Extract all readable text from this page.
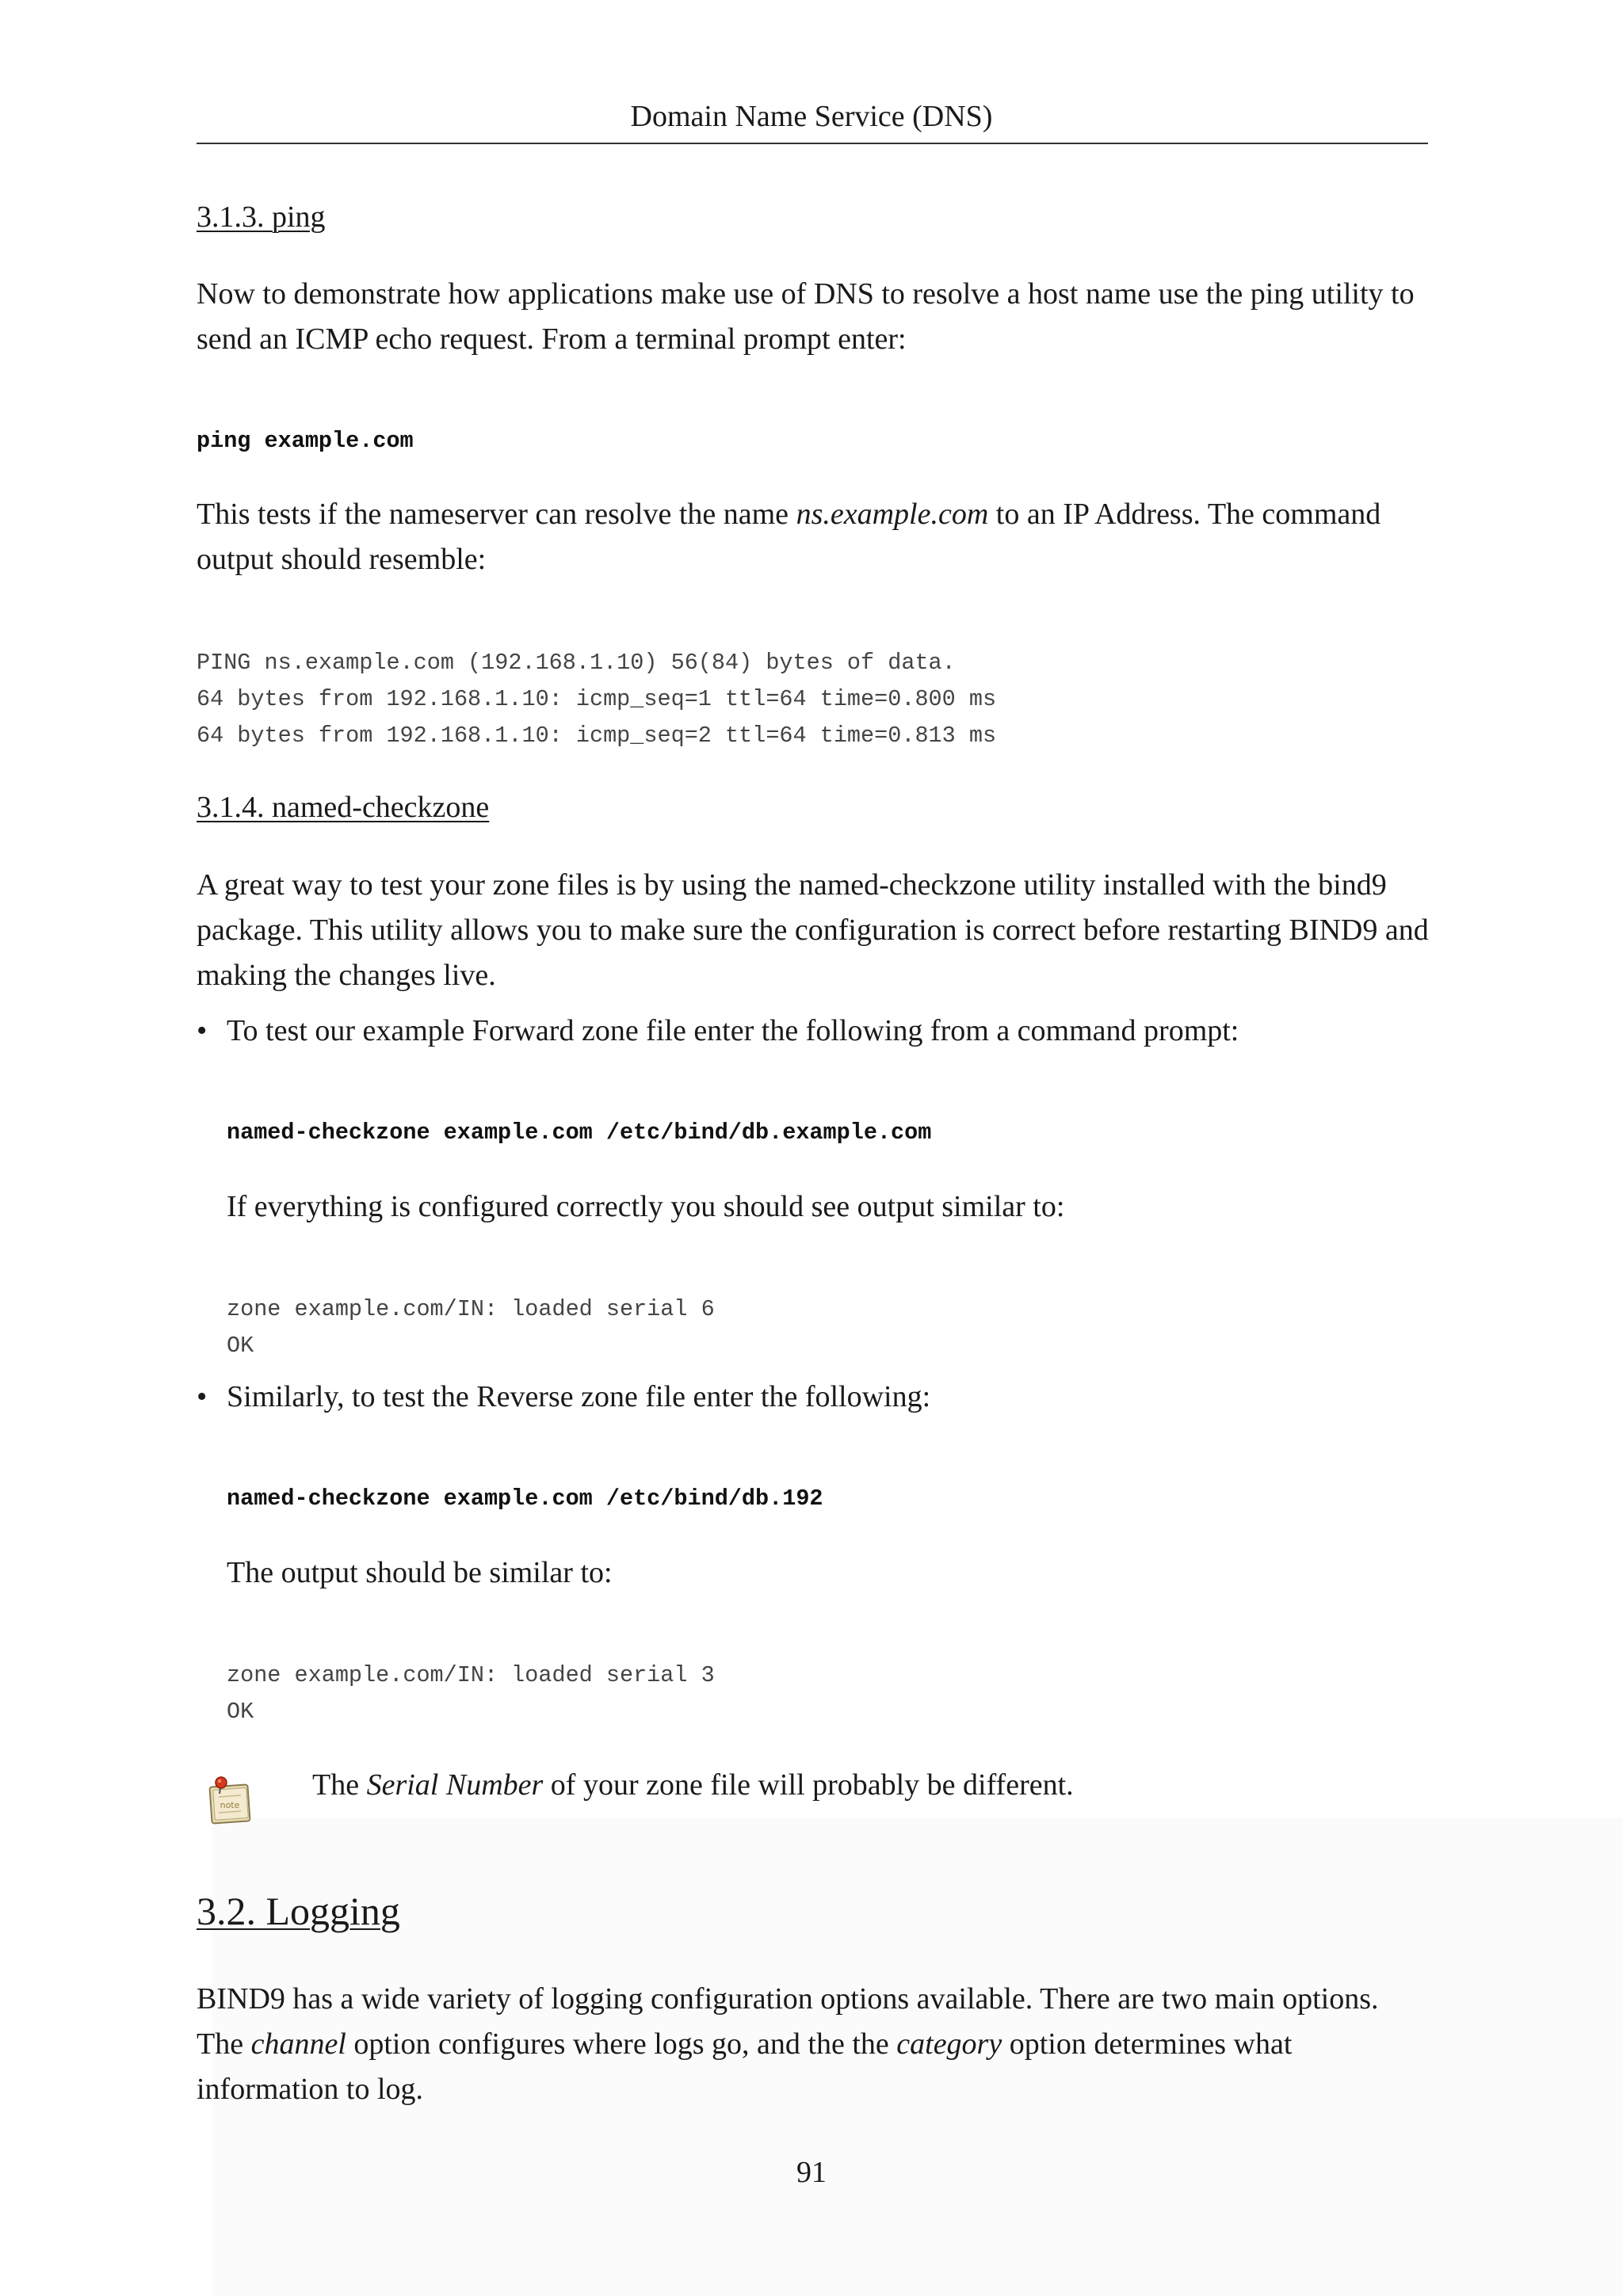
Domain Name Service (DNS)
3.1.3. ping
Now to demonstrate how applications make use of DNS to resolve a host name use the ping utility to
send an ICMP echo request. From a terminal prompt enter:
ping example.com
This tests if the nameserver can resolve the name ns.example.com to an IP Address. The command
output should resemble:
PING ns.example.com (192.168.1.10) 56(84) bytes of data.
64 bytes from 192.168.1.10: icmp_seq=1 ttl=64 time=0.800 ms
64 bytes from 192.168.1.10: icmp_seq=2 ttl=64 time=0.813 ms
3.1.4. named-checkzone
A great way to test your zone files is by using the named-checkzone utility installed with the bind9
package. This utility allows you to make sure the configuration is correct before restarting BIND9 and
making the changes live.
• To test our example Forward zone file enter the following from a command prompt:
named-checkzone example.com /etc/bind/db.example.com
If everything is configured correctly you should see output similar to:
zone example.com/IN: loaded serial 6
OK
• Similarly, to test the Reverse zone file enter the following:
named-checkzone example.com /etc/bind/db.192
The output should be similar to:
zone example.com/IN: loaded serial 3
OK
note
The Serial Number of your zone file will probably be different.
3.2. Logging
BIND9 has a wide variety of logging configuration options available. There are two main options.
The channel option configures where logs go, and the the category option determines what
information to log.
91
